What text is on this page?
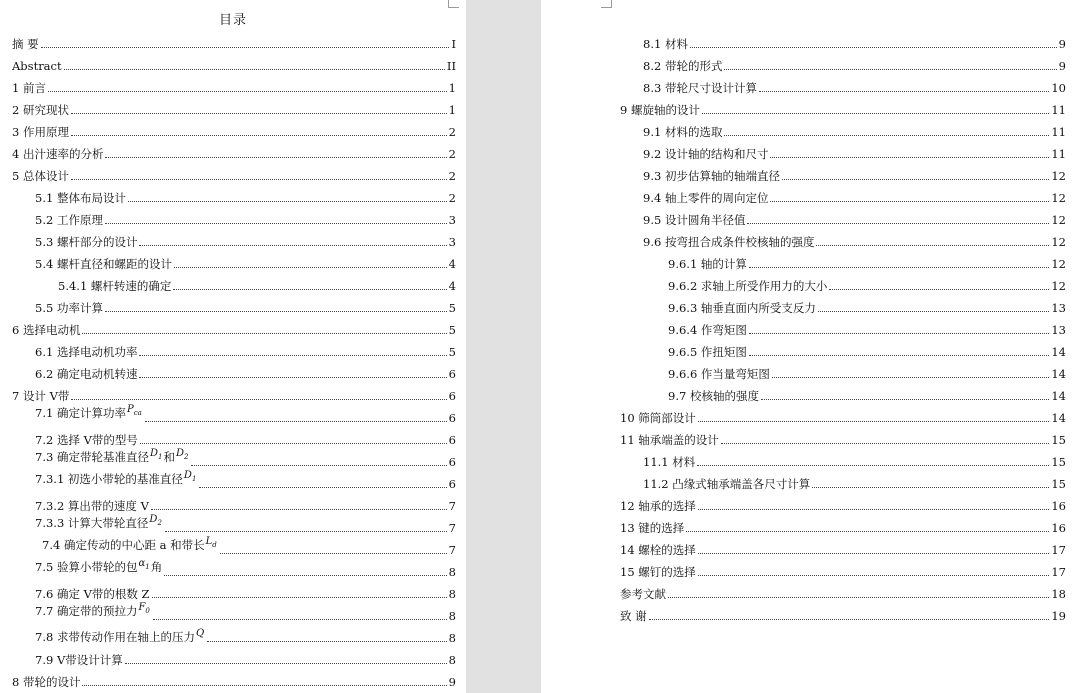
目录
摘 要	I
Abstract	II
1 前言	1
2 研究现状	1
3 作用原理	2
4 出汁速率的分析	2
5 总体设计	2
5.1 整体布局设计	2
5.2 工作原理	3
5.3 螺杆部分的设计	3
5.4 螺杆直径和螺距的设计	4
5.4.1 螺杆转速的确定	4
5.5 功率计算	5
6 选择电动机	5
6.1 选择电动机功率	5
6.2 确定电动机转速	6
7 设计 V带	6
7.1 确定计算功率$P_{ca}$	6
7.2 选择 V带的型号	6
7.3 确定带轮基准直径$D_1$和$D_2$	6
7.3.1 初选小带轮的基准直径$D_1$	6
7.3.2 算出带的速度 V	7
7.3.3 计算大带轮直径$D_2$	7
7.4 确定传动的中心距 a 和带长$L_d$	7
7.5 验算小带轮的包$\alpha_1$角	8
7.6 确定 V带的根数 Z	8
7.7 确定带的预拉力$F_0$	8
7.8 求带传动作用在轴上的压力Q	8
7.9 V带设计计算	8
8 带轮的设计	9
8.1 材料	9
8.2 带轮的形式	9
8.3 带轮尺寸设计计算	10
9 螺旋轴的设计	11
9.1 材料的选取	11
9.2 设计轴的结构和尺寸	11
9.3 初步估算轴的轴端直径	12
9.4 轴上零件的周向定位	12
9.5 设计圆角半径值	12
9.6 按弯扭合成条件校核轴的强度	12
9.6.1 轴的计算	12
9.6.2 求轴上所受作用力的大小	12
9.6.3 轴垂直面内所受支反力	13
9.6.4 作弯矩图	13
9.6.5 作扭矩图	14
9.6.6 作当量弯矩图	14
9.7 校核轴的强度	14
10 筛筒部设计	14
11 轴承端盖的设计	15
11.1 材料	15
11.2 凸缘式轴承端盖各尺寸计算	15
12 轴承的选择	16
13 键的选择	16
14 螺栓的选择	17
15 螺钉的选择	17
参考文献	18
致 谢	19
